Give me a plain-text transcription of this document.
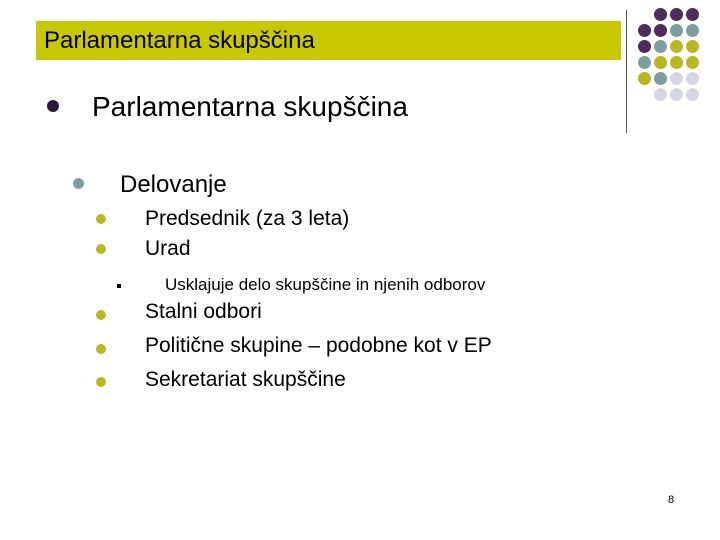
Parlamentarna skupščina
Parlamentarna skupščina
Delovanje
Predsednik (za 3 leta)
Urad
Usklajuje delo skupščine in njenih odborov
Stalni odbori
Politične skupine – podobne kot v EP
Sekretariat skupščine
8
